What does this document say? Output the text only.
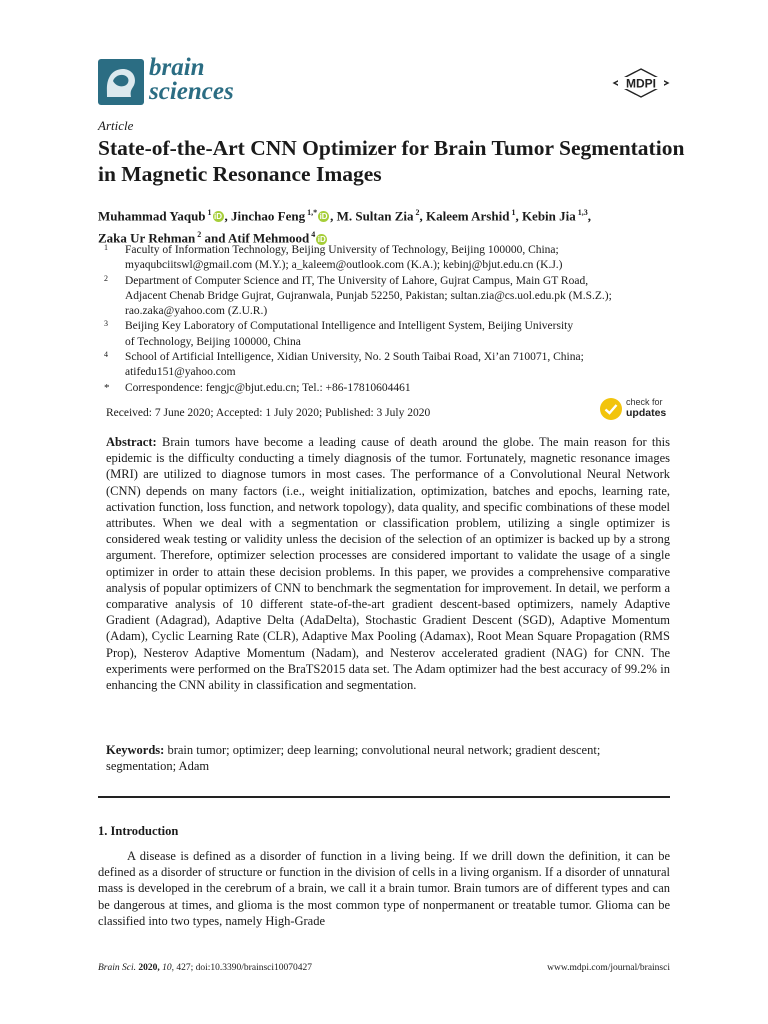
brain
sciences	MDPI
Article
State-of-the-Art CNN Optimizer for Brain Tumor Segmentation in Magnetic Resonance Images
Muhammad Yaqub $^1$ iD , Jinchao Feng $^{1,*}$ iD , M. Sultan Zia $^2$, Kaleem Arshid $^1$, Kebin Jia $^{1,3}$,
Zaka Ur Rehman $^2$ and Atif Mehmood $^4$ iD
1 Faculty of Information Technology, Beijing University of Technology, Beijing 100000, China;
myaqubciitswl@gmail.com (M.Y.); a_kaleem@outlook.com (K.A.); kebinj@bjut.edu.cn (K.J.)
2 Department of Computer Science and IT, The University of Lahore, Gujrat Campus, Main GT Road,
Adjacent Chenab Bridge Gujrat, Gujranwala, Punjab 52250, Pakistan; sultan.zia@cs.uol.edu.pk (M.S.Z.);
rao.zaka@yahoo.com (Z.U.R.)
3 Beijing Key Laboratory of Computational Intelligence and Intelligent System, Beijing University
of Technology, Beijing 100000, China
4 School of Artificial Intelligence, Xidian University, No. 2 South Taibai Road, Xi’an 710071, China;
atifedu151@yahoo.com
* Correspondence: fengjc@bjut.edu.cn; Tel.: +86-17810604461
Received: 7 June 2020; Accepted: 1 July 2020; Published: 3 July 2020
check for
updates
Abstract: Brain tumors have become a leading cause of death around the globe. The main reason for this epidemic is the difficulty conducting a timely diagnosis of the tumor. Fortunately, magnetic resonance images (MRI) are utilized to diagnose tumors in most cases. The performance of a Convolutional Neural Network (CNN) depends on many factors (i.e., weight initialization, optimization, batches and epochs, learning rate, activation function, loss function, and network topology), data quality, and specific combinations of these model attributes. When we deal with a segmentation or classification problem, utilizing a single optimizer is considered weak testing or validity unless the decision of the selection of an optimizer is backed up by a strong argument. Therefore, optimizer selection processes are considered important to validate the usage of a single optimizer in order to attain these decision problems. In this paper, we provides a comprehensive comparative analysis of popular optimizers of CNN to benchmark the segmentation for improvement. In detail, we perform a comparative analysis of 10 different state-of-the-art gradient descent-based optimizers, namely Adaptive Gradient (Adagrad), Adaptive Delta (AdaDelta), Stochastic Gradient Descent (SGD), Adaptive Momentum (Adam), Cyclic Learning Rate (CLR), Adaptive Max Pooling (Adamax), Root Mean Square Propagation (RMS Prop), Nesterov Adaptive Momentum (Nadam), and Nesterov accelerated gradient (NAG) for CNN. The experiments were performed on the BraTS2015 data set. The Adam optimizer had the best accuracy of 99.2% in enhancing the CNN ability in classification and segmentation.
Keywords: brain tumor; optimizer; deep learning; convolutional neural network; gradient descent; segmentation; Adam
1. Introduction
A disease is defined as a disorder of function in a living being. If we drill down the definition, it can be defined as a disorder of structure or function in the division of cells in a living organism. If a disorder of unnatural mass is developed in the cerebrum of a brain, we call it a brain tumor. Brain tumors are of different types and can be dangerous at times, and glioma is the most common type of nonpermanent or treatable tumor. Glioma can be classified into two types, namely High-Grade
Brain Sci. 2020, 10, 427; doi:10.3390/brainsci10070427	www.mdpi.com/journal/brainsci
